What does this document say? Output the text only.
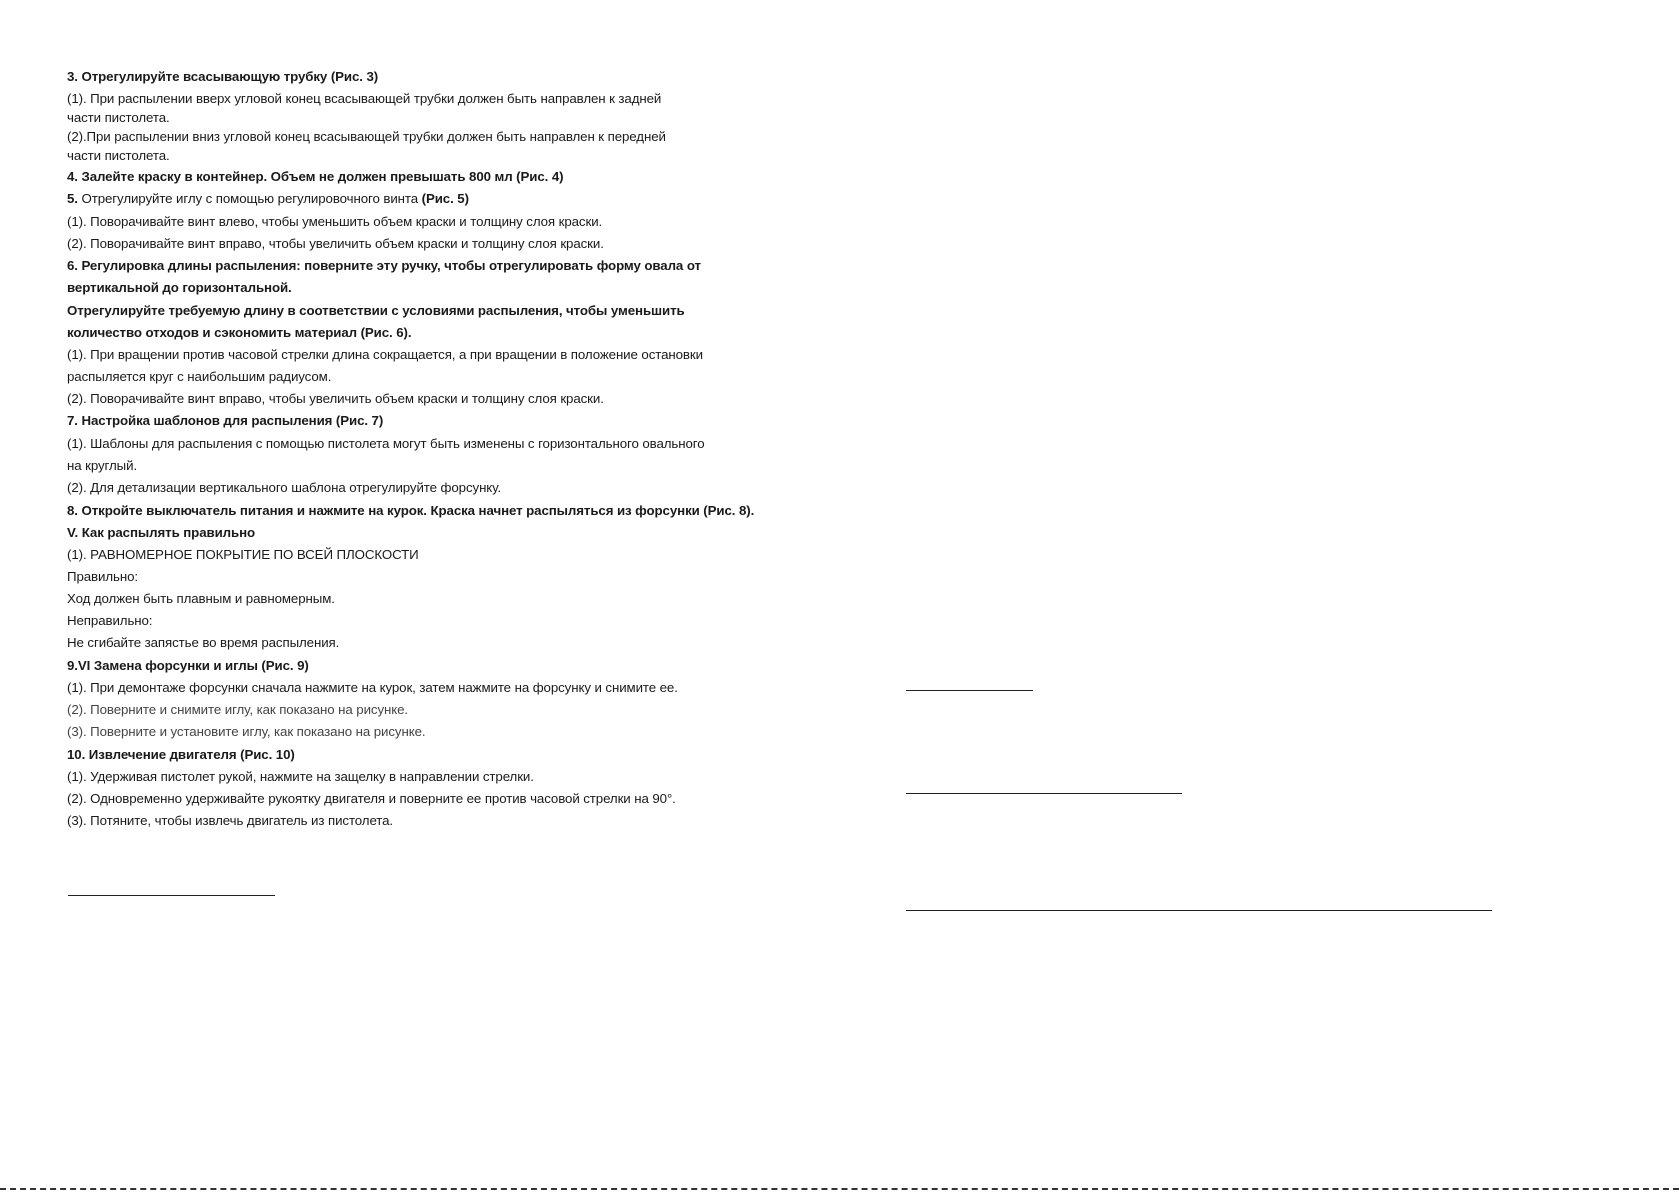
3. Отрегулируйте всасывающую трубку (Рис. 3)
(1). При распылении вверх угловой конец всасывающей трубки должен быть направлен к задней
части пистолета.
(2).При распылении вниз угловой конец всасывающей трубки должен быть направлен к передней
части пистолета.
4. Залейте краску в контейнер. Объем не должен превышать 800 мл (Рис. 4)
5. Отрегулируйте иглу с помощью регулировочного винта (Рис. 5)
(1). Поворачивайте винт влево, чтобы уменьшить объем краски и толщину слоя краски.
(2). Поворачивайте винт вправо, чтобы увеличить объем краски и толщину слоя краски.
6. Регулировка длины распыления: поверните эту ручку, чтобы отрегулировать форму овала от
вертикальной до горизонтальной.
Отрегулируйте требуемую длину в соответствии с условиями распыления, чтобы уменьшить
количество отходов и сэкономить материал (Рис. 6).
(1). При вращении против часовой стрелки длина сокращается, а при вращении в положение остановки
распыляется круг с наибольшим радиусом.
(2). Поворачивайте винт вправо, чтобы увеличить объем краски и толщину слоя краски.
7. Настройка шаблонов для распыления (Рис. 7)
(1). Шаблоны для распыления с помощью пистолета могут быть изменены с горизонтального овального
на круглый.
(2). Для детализации вертикального шаблона отрегулируйте форсунку.
8. Откройте выключатель питания и нажмите на курок. Краска начнет распыляться из форсунки (Рис. 8).
V. Как распылять правильно
(1). РАВНОМЕРНОЕ ПОКРЫТИЕ ПО ВСЕЙ ПЛОСКОСТИ
Правильно:
Ход должен быть плавным и равномерным.
Неправильно:
Не сгибайте запястье во время распыления.
9.VI Замена форсунки и иглы (Рис. 9)
(1). При демонтаже форсунки сначала нажмите на курок, затем нажмите на форсунку и снимите ее.
(2). Поверните и снимите иглу, как показано на рисунке.
(3). Поверните и установите иглу, как показано на рисунке.
10. Извлечение двигателя (Рис. 10)
(1). Удерживая пистолет рукой, нажмите на защелку в направлении стрелки.
(2). Одновременно удерживайте рукоятку двигателя и поверните ее против часовой стрелки на 90°.
(3). Потяните, чтобы извлечь двигатель из пистолета.
